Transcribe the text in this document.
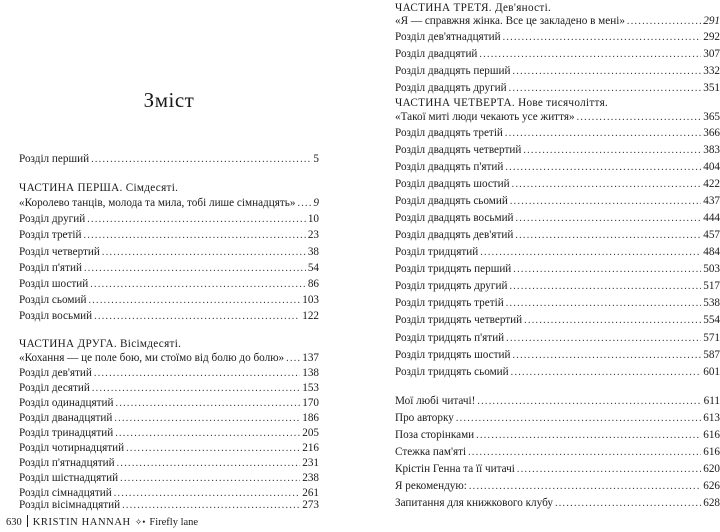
Зміст
Розділ перший . . .	5
ЧАСТИНА ПЕРША. Сімдесяті.
«Королево танців, молода та мила, тобі лише сімнадцять» . . . 9
Розділ другий . . .	10
Розділ третій . . .	23
Розділ четвертий . . .	38
Розділ п'ятий . . .	54
Розділ шостий . . .	86
Розділ сьомий . . .	103
Розділ восьмий . . .	122
ЧАСТИНА ДРУГА. Вісімдесяті.
«Кохання — це поле бою, ми стоїмо від болю до болю» . . . 137
Розділ дев'ятий . . .	138
Розділ десятий . . .	153
Розділ одинадцятий . . .	170
Розділ дванадцятий . . .	186
Розділ тринадцятий . . .	205
Розділ чотирнадцятий . . .	216
Розділ п'ятнадцятий . . .	231
Розділ шістнадцятий . . .	238
Розділ сімнадцятий . . .	261
Розділ вісімнадцятий . . .	273
ЧАСТИНА ТРЕТЯ. Дев'яності.
«Я — справжня жінка. Все це закладено в мені» . . .	291
Розділ дев'ятнадцятий . . .	292
Розділ двадцятий . . .	307
Розділ двадцять перший . . .	332
Розділ двадцять другий . . .	351
ЧАСТИНА ЧЕТВЕРТА. Нове тисячоліття.
«Такої миті люди чекають усе життя» . . .	365
Розділ двадцять третій . . .	366
Розділ двадцять четвертий . . .	383
Розділ двадцять п'ятий . . .	404
Розділ двадцять шостий . . .	422
Розділ двадцять сьомий . . .	437
Розділ двадцять восьмий . . .	444
Розділ двадцять дев'ятий . . .	457
Розділ тридцятий . . .	484
Розділ тридцять перший . . .	503
Розділ тридцять другий . . .	517
Розділ тридцять третій . . .	538
Розділ тридцять четвертий . . .	554
Розділ тридцять п'ятий . . .	571
Розділ тридцять шостий . . .	587
Розділ тридцять сьомий . . .	601
Мої любі читачі! . . .	611
Про авторку . . .	613
Поза сторінками . . .	616
Стежка пам'яті . . .	616
Крістін Генна та її читачі . . .	620
Я рекомендую: . . .	626
Запитання для книжкового клубу . . .	628
630 KRISTIN HANNAH ✧• Firefly lane
